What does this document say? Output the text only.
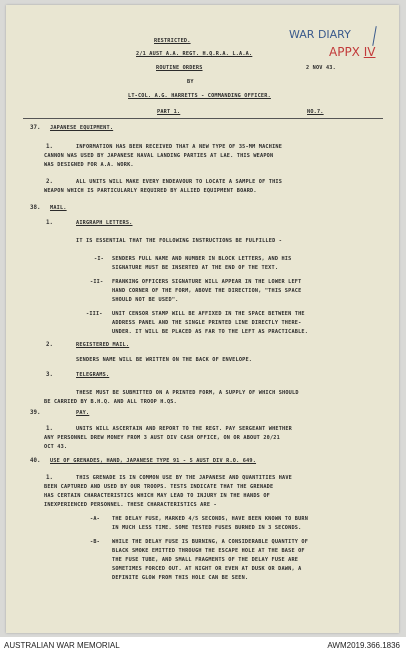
WAR DIARY
APPX IV
RESTRICTED.
2/1 AUST A.A. REGT. H.Q.R.A. L.A.A.
ROUTINE ORDERS	2 NOV 43.
BY
LT-COL. A.G. HARRETTS - COMMANDING OFFICER.
PART 1.	NO.7.
37. JAPANESE EQUIPMENT.
1.	INFORMATION HAS BEEN RECEIVED THAT A NEW TYPE OF 35-MM MACHINE
CANNON WAS USED BY JAPANESE NAVAL LANDING PARTIES AT LAE. THIS WEAPON
WAS DESIGNED FOR A.A. WORK.
2.	ALL UNITS WILL MAKE EVERY ENDEAVOUR TO LOCATE A SAMPLE OF THIS
WEAPON WHICH IS PARTICULARLY REQUIRED BY ALLIED EQUIPMENT BOARD.
38. MAIL.
1.	AIRGRAPH LETTERS.
IT IS ESSENTIAL THAT THE FOLLOWING INSTRUCTIONS BE FULFILLED -
-I- SENDERS FULL NAME AND NUMBER IN BLOCK LETTERS, AND HIS
SIGNATURE MUST BE INSERTED AT THE END OF THE TEXT.
-II- FRANKING OFFICERS SIGNATURE WILL APPEAR IN THE LOWER LEFT
HAND CORNER OF THE FORM, ABOVE THE DIRECTION, "THIS SPACE
SHOULD NOT BE USED".
-III- UNIT CENSOR STAMP WILL BE AFFIXED IN THE SPACE BETWEEN THE
ADDRESS PANEL AND THE SINGLE PRINTED LINE DIRECTLY THERE-
UNDER. IT WILL BE PLACED AS FAR TO THE LEFT AS PRACTICABLE.
2.	REGISTERED MAIL.
SENDERS NAME WILL BE WRITTEN ON THE BACK OF ENVELOPE.
3.	TELEGRAMS.
THESE MUST BE SUBMITTED ON A PRINTED FORM, A SUPPLY OF WHICH SHOULD
BE CARRIED BY B.H.Q. AND ALL TROOP H.QS.
39.	PAY.
1.	UNITS WILL ASCERTAIN AND REPORT TO THE REGT. PAY SERGEANT WHETHER
ANY PERSONNEL DREW MONEY FROM 3 AUST DIV CASH OFFICE, ON OR ABOUT 20/21
OCT 43.
40. USE OF GRENADES, HAND, JAPANESE TYPE 91 - 5 AUST DIV R.O. 649.
1.	THIS GRENADE IS IN COMMON USE BY THE JAPANESE AND QUANTITIES HAVE
BEEN CAPTURED AND USED BY OUR TROOPS. TESTS INDICATE THAT THE GRENADE
HAS CERTAIN CHARACTERISTICS WHICH MAY LEAD TO INJURY IN THE HANDS OF
INEXPERIENCED PERSONNEL. THESE CHARACTERISTICS ARE -
-A- THE DELAY FUSE, MARKED 4/5 SECONDS, HAVE BEEN KNOWN TO BURN
IN MUCH LESS TIME. SOME TESTED FUSES BURNED IN 3 SECONDS.
-B- WHILE THE DELAY FUSE IS BURNING, A CONSIDERABLE QUANTITY OF
BLACK SMOKE EMITTED THROUGH THE ESCAPE HOLE AT THE BASE OF
THE FUSE TUBE, AND SMALL FRAGMENTS OF THE DELAY FUSE ARE
SOMETIMES FORCED OUT. AT NIGHT OR EVEN AT DUSK OR DAWN, A
DEFINITE GLOW FROM THIS HOLE CAN BE SEEN.
AUSTRALIAN WAR MEMORIAL	AWM2019.366.1836
